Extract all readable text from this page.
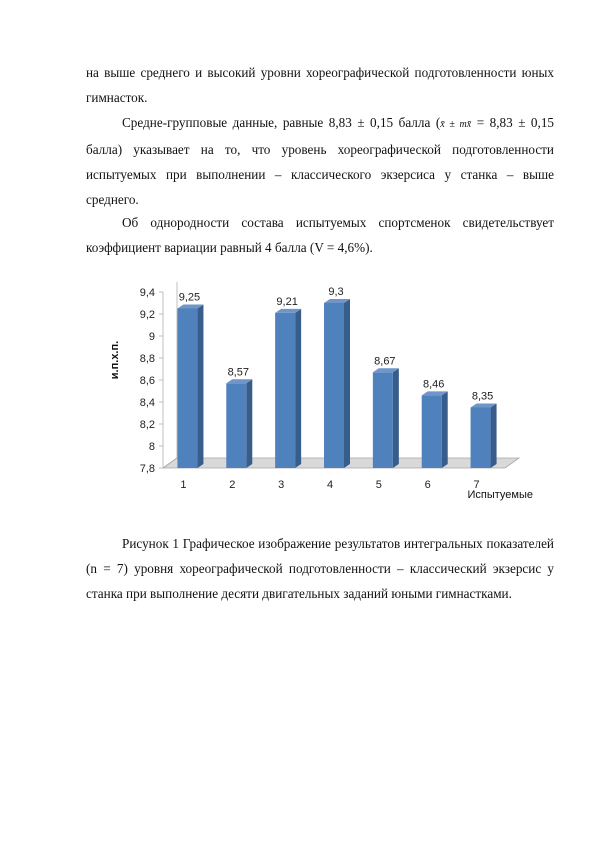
на выше среднего и высокий уровни хореографической подготовленности юных гимнасток.
Средне-групповые данные, равные 8,83 ± 0,15 балла (x̄ ± mx̄ = 8,83 ± 0,15 балла) указывает на то, что уровень хореографической подготовленности испытуемых при выполнении – классического экзерсиса у станка – выше среднего.
Об однородности состава испытуемых спортсменок свидетельствует коэффициент вариации равный 4 балла (V = 4,6%).
7,8
8
8,2
8,4
8,6
8,8
9
9,2
9,4
и.п.х.п.
9,25
1
8,57
2
9,21
3
9,3
4
8,67
5
8,46
6
8,35
7
Испытуемые
Рисунок 1 Графическое изображение результатов интегральных показателей (n = 7) уровня хореографической подготовленности – классический экзерсис у станка при выполнение десяти двигательных заданий юными гимнастками.
